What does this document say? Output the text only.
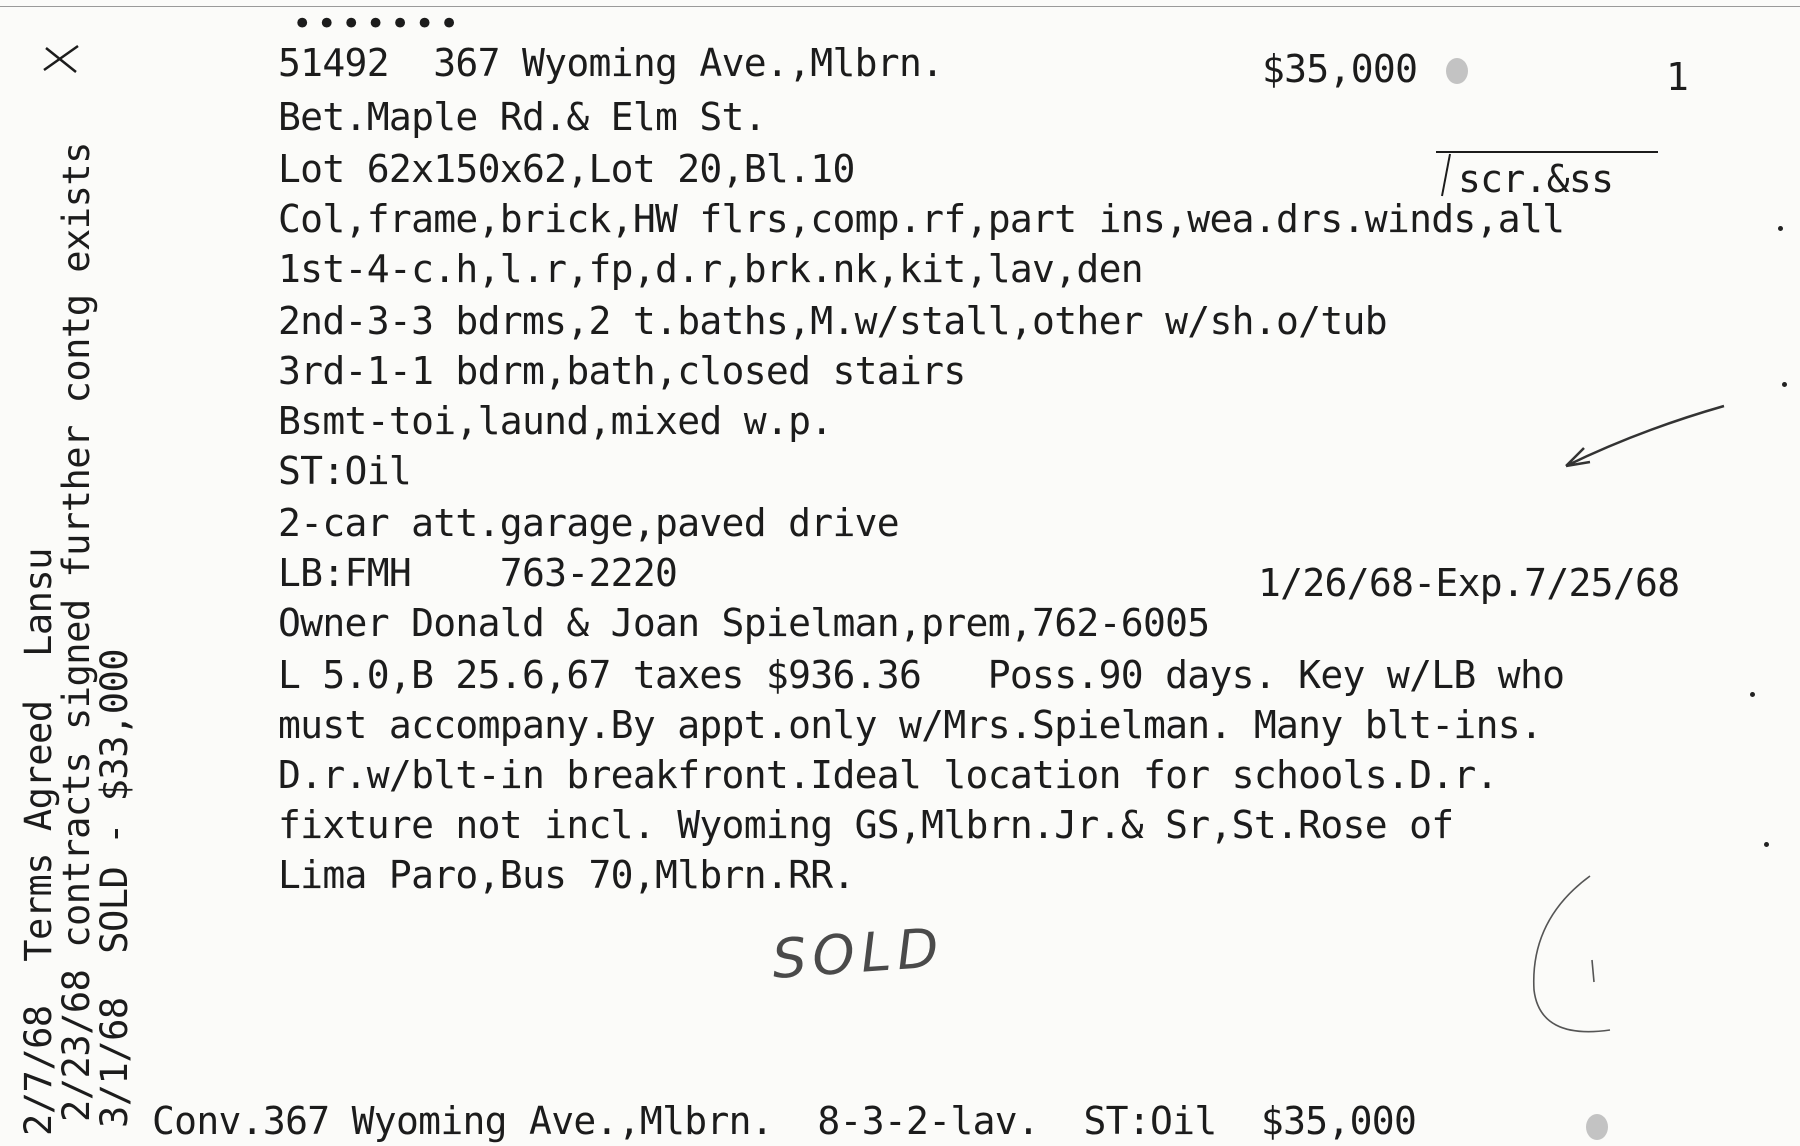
•••••••
51492 367 Wyoming Ave.,Mlbrn.	$35,000	1
Bet.Maple Rd.& Elm St.
Lot 62x150x62,Lot 20,Bl.10	scr.&ss
Col,frame,brick,HW flrs,comp.rf,part ins,wea.drs.winds,all
1st-4-c.h,l.r,fp,d.r,brk.nk,kit,lav,den
2nd-3-3 bdrms,2 t.baths,M.w/stall,other w/sh.o/tub
3rd-1-1 bdrm,bath,closed stairs
Bsmt-toi,laund,mixed w.p.
ST:Oil
2-car att.garage,paved drive
LB:FMH 763-2220	1/26/68-Exp.7/25/68
Owner Donald & Joan Spielman,prem,762-6005
L 5.0,B 25.6,67 taxes $936.36   Poss.90 days. Key w/LB who
must accompany.By appt.only w/Mrs.Spielman. Many blt-ins.
D.r.w/blt-in breakfront.Ideal location for schools.D.r.
fixture not incl. Wyoming GS,Mlbrn.Jr.& Sr,St.Rose of
Lima Paro,Bus 70,Mlbrn.RR.
SOLD
2/7/68  Terms Agreed  Lansu
2/23/68 contracts signed further contg exists
3/1/68  SOLD - $33,000 Conv.367 Wyoming Ave.,Mlbrn.  8-3-2-lav.  ST:Oil  $35,000
